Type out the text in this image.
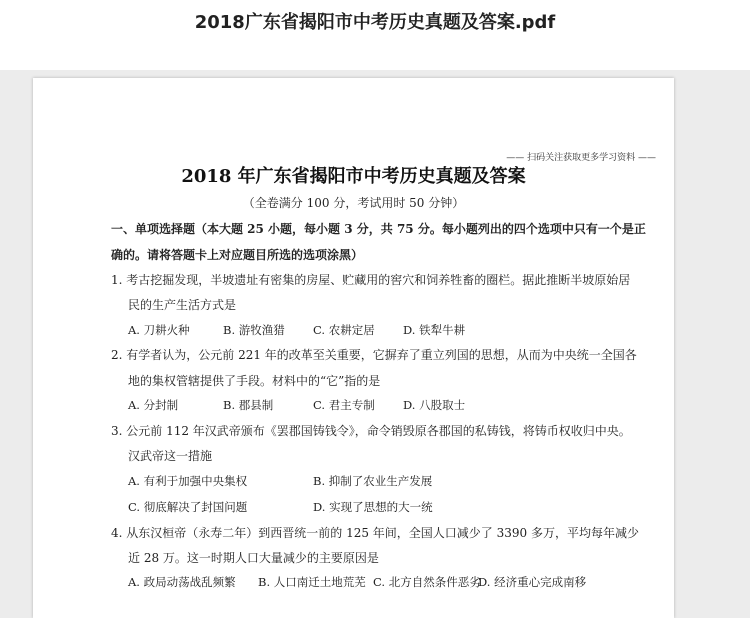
2018广东省揭阳市中考历史真题及答案.pdf
—— 扫码关注获取更多学习资料 ——
2018 年广东省揭阳市中考历史真题及答案
（全卷满分 100 分，考试用时 50 分钟）
一、单项选择题（本大题 25 小题，每小题 3 分，共 75 分。每小题列出的四个选项中只有一个是正
确的。请将答题卡上对应题目所选的选项涂黑）
1. 考古挖掘发现，半坡遗址有密集的房屋、贮藏用的窖穴和饲养牲畜的圈栏。据此推断半坡原始居
民的生产生活方式是
A. 刀耕火种	B. 游牧渔猎 C. 农耕定居 D. 铁犁牛耕
2. 有学者认为，公元前 221 年的改革至关重要，它摒弃了重立列国的思想，从而为中央统一全国各
地的集权管辖提供了手段。材料中的“它”指的是
A. 分封制	B. 郡县制	C. 君主专制 D. 八股取士
3. 公元前 112 年汉武帝颁布《罢郡国铸钱令》，命令销毁原各郡国的私铸钱，将铸币权收归中央。
汉武帝这一措施
A. 有利于加强中央集权	B. 抑制了农业生产发展
C. 彻底解决了封国问题	D. 实现了思想的大一统
4. 从东汉桓帝（永寿二年）到西晋统一前的 125 年间，全国人口减少了 3390 多万，平均每年减少
近 28 万。这一时期人口大量减少的主要原因是
A. 政局动荡战乱频繁 B. 人口南迁土地荒芜 C. 北方自然条件恶劣
D. 经济重心完成南移
